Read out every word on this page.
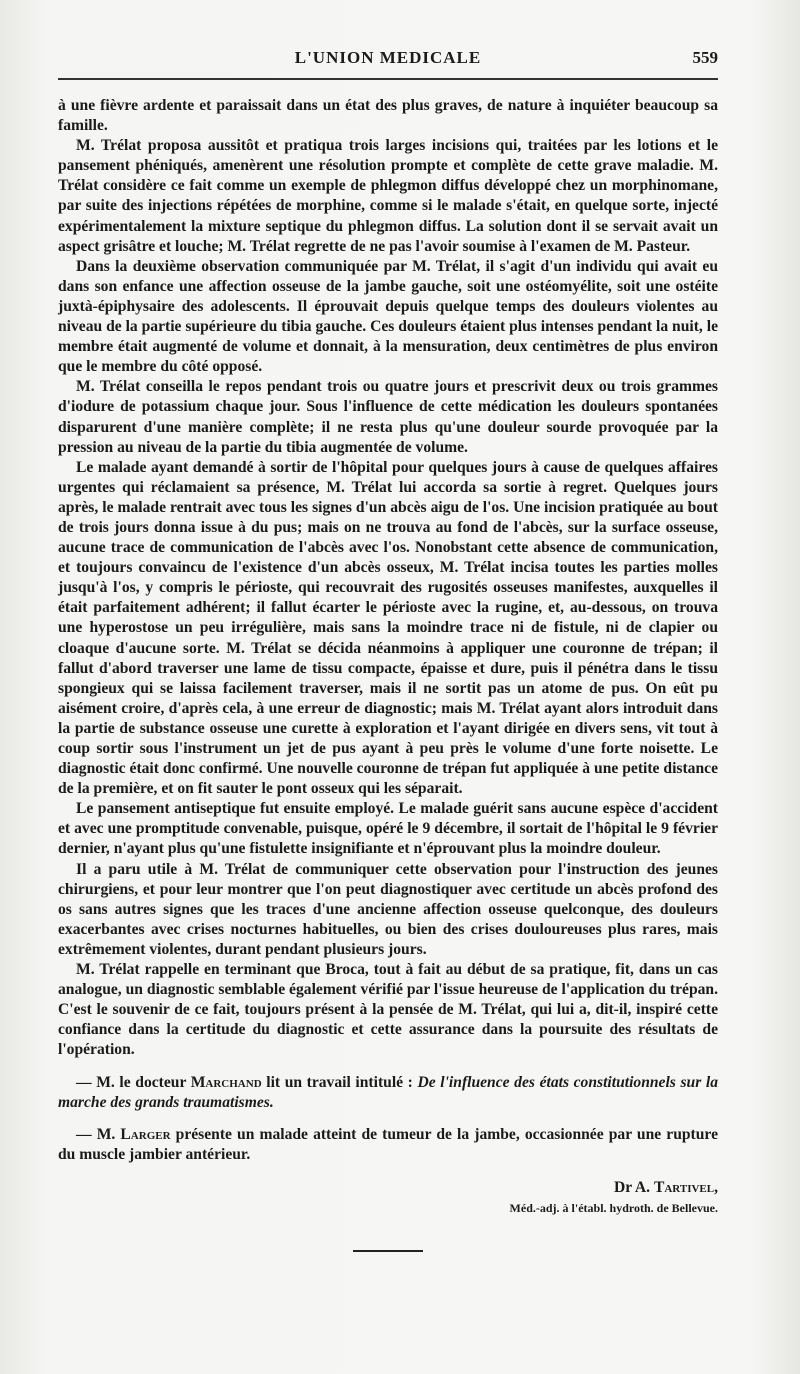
L'UNION MEDICALE	559

à une fièvre ardente et paraissait dans un état des plus graves, de nature à inquiéter beaucoup sa famille.

M. Trélat proposa aussitôt et pratiqua trois larges incisions qui, traitées par les lotions et le pansement phéniqués, amenèrent une résolution prompte et complète de cette grave maladie. M. Trélat considère ce fait comme un exemple de phlegmon diffus développé chez un morphinomane, par suite des injections répétées de morphine, comme si le malade s'était, en quelque sorte, injecté expérimentalement la mixture septique du phlegmon diffus. La solution dont il se servait avait un aspect grisâtre et louche; M. Trélat regrette de ne pas l'avoir soumise à l'examen de M. Pasteur.

Dans la deuxième observation communiquée par M. Trélat, il s'agit d'un individu qui avait eu dans son enfance une affection osseuse de la jambe gauche, soit une ostéomyélite, soit une ostéite juxtà-épiphysaire des adolescents. Il éprouvait depuis quelque temps des douleurs violentes au niveau de la partie supérieure du tibia gauche. Ces douleurs étaient plus intenses pendant la nuit, le membre était augmenté de volume et donnait, à la mensuration, deux centimètres de plus environ que le membre du côté opposé.

M. Trélat conseilla le repos pendant trois ou quatre jours et prescrivit deux ou trois grammes d'iodure de potassium chaque jour. Sous l'influence de cette médication les douleurs spontanées disparurent d'une manière complète; il ne resta plus qu'une douleur sourde provoquée par la pression au niveau de la partie du tibia augmentée de volume.

Le malade ayant demandé à sortir de l'hôpital pour quelques jours à cause de quelques affaires urgentes qui réclamaient sa présence, M. Trélat lui accorda sa sortie à regret. Quelques jours après, le malade rentrait avec tous les signes d'un abcès aigu de l'os. Une incision pratiquée au bout de trois jours donna issue à du pus; mais on ne trouva au fond de l'abcès, sur la surface osseuse, aucune trace de communication de l'abcès avec l'os. Nonobstant cette absence de communication, et toujours convaincu de l'existence d'un abcès osseux, M. Trélat incisa toutes les parties molles jusqu'à l'os, y compris le périoste, qui recouvrait des rugosités osseuses manifestes, auxquelles il était parfaitement adhérent; il fallut écarter le périoste avec la rugine, et, au-dessous, on trouva une hyperostose un peu irrégulière, mais sans la moindre trace ni de fistule, ni de clapier ou cloaque d'aucune sorte. M. Trélat se décida néanmoins à appliquer une couronne de trépan; il fallut d'abord traverser une lame de tissu compacte, épaisse et dure, puis il pénétra dans le tissu spongieux qui se laissa facilement traverser, mais il ne sortit pas un atome de pus. On eût pu aisément croire, d'après cela, à une erreur de diagnostic; mais M. Trélat ayant alors introduit dans la partie de substance osseuse une curette à exploration et l'ayant dirigée en divers sens, vit tout à coup sortir sous l'instrument un jet de pus ayant à peu près le volume d'une forte noisette. Le diagnostic était donc confirmé. Une nouvelle couronne de trépan fut appliquée à une petite distance de la première, et on fit sauter le pont osseux qui les séparait.

Le pansement antiseptique fut ensuite employé. Le malade guérit sans aucune espèce d'accident et avec une promptitude convenable, puisque, opéré le 9 décembre, il sortait de l'hôpital le 9 février dernier, n'ayant plus qu'une fistulette insignifiante et n'éprouvant plus la moindre douleur.

Il a paru utile à M. Trélat de communiquer cette observation pour l'instruction des jeunes chirurgiens, et pour leur montrer que l'on peut diagnostiquer avec certitude un abcès profond des os sans autres signes que les traces d'une ancienne affection osseuse quelconque, des douleurs exacerbantes avec crises nocturnes habituelles, ou bien des crises douloureuses plus rares, mais extrêmement violentes, durant pendant plusieurs jours.

M. Trélat rappelle en terminant que Broca, tout à fait au début de sa pratique, fit, dans un cas analogue, un diagnostic semblable également vérifié par l'issue heureuse de l'application du trépan. C'est le souvenir de ce fait, toujours présent à la pensée de M. Trélat, qui lui a, dit-il, inspiré cette confiance dans la certitude du diagnostic et cette assurance dans la poursuite des résultats de l'opération.

— M. le docteur Marchand lit un travail intitulé : De l'influence des états constitutionnels sur la marche des grands traumatismes.

— M. Larger présente un malade atteint de tumeur de la jambe, occasionnée par une rupture du muscle jambier antérieur.

Dr A. Tartivel,
Méd.-adj. à l'établ. hydroth. de Bellevue.
